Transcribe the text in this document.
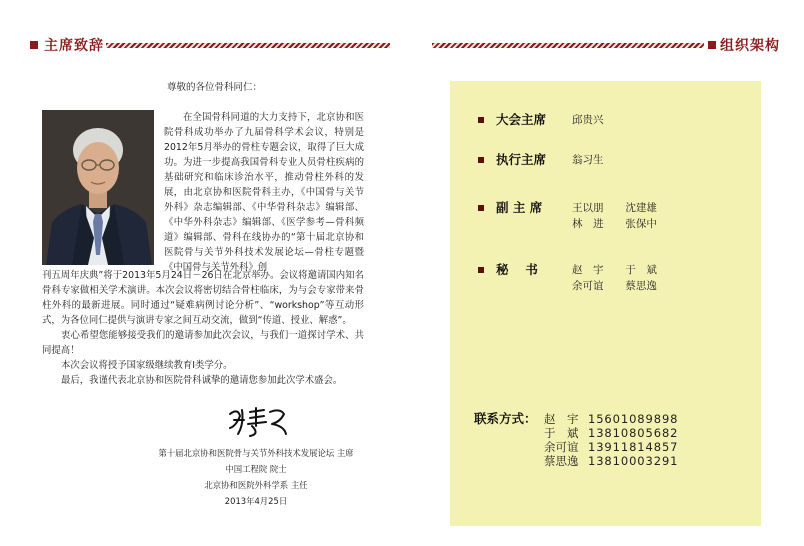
主席致辞	组织架构
尊敬的各位骨科同仁：

在全国骨科同道的大力支持下，北京协和医院骨科成功举办了九届骨科学术会议，特别是2012年5月举办的骨柱专题会议，取得了巨大成功。为进一步提高我国骨科专业人员骨柱疾病的基础研究和临床诊治水平，推动骨柱外科的发展，由北京协和医院骨科主办，《中国骨与关节外科》杂志编辑部、《中华骨科杂志》编辑部、《中华外科杂志》编辑部、《医学参考—骨科频道》编辑部、骨科在线协办的“第十届北京协和医院骨与关节外科技术发展论坛—骨柱专题暨《中国骨与关节外科》创

刊五周年庆典”将于2013年5月24日－26日在北京举办。会议将邀请国内知名骨科专家做相关学术演讲。本次会议将密切结合骨柱临床，为与会专家带来骨柱外科的最新进展。同时通过“疑难病例讨论分析”、“workshop”等互动形式，为各位同仁提供与演讲专家之间互动交流，做到“传道、授业、解惑”。

衷心希望您能够接受我们的邀请参加此次会议，与我们一道探讨学术、共同提高！

本次会议将授予国家级继续教育I类学分。

最后，我谨代表北京协和医院骨科诚挚的邀请您参加此次学术盛会。

第十届北京协和医院骨与关节外科技术发展论坛 主席
中国工程院 院士
北京协和医院外科学系 主任
2013年4月25日
大会主席	邱贵兴
执行主席	翁习生
副 主 席	王以朋 沈建雄
林　进 张保中
秘　 书	赵　宇 于　斌
余可谊 蔡思逸
联系方式： 赵　宇 15601089898
于　斌 13810805682
余可谊 13911814857
蔡思逸 13810003291
